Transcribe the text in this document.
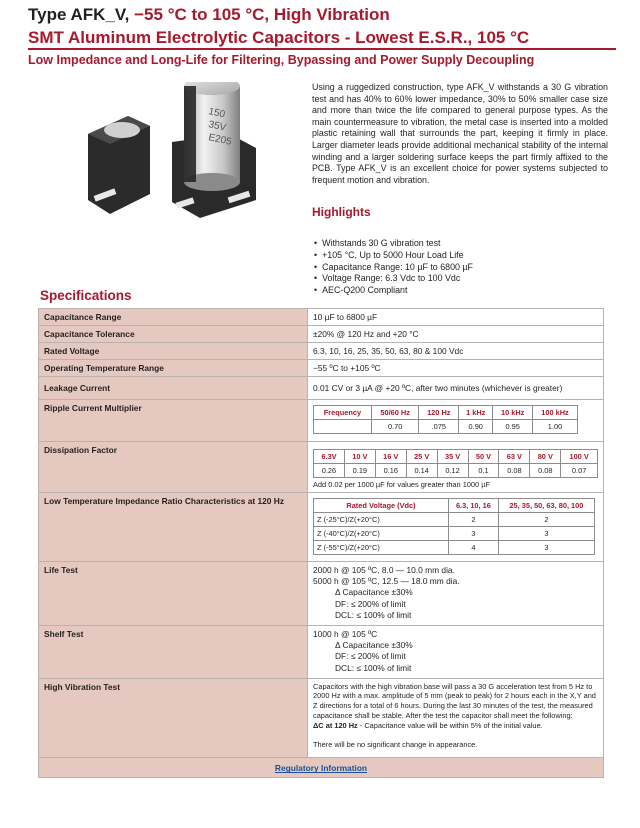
Type AFK_V, −55 °C to 105 °C, High Vibration
SMT Aluminum Electrolytic Capacitors - Lowest E.S.R., 105 °C
Low Impedance and Long-Life for Filtering, Bypassing and Power Supply Decoupling
150
35V
E205

Using a ruggedized construction, type AFK_V withstands a 30 G vibration test and has 40% to 60% lower impedance, 30% to 50% smaller case size and more than twice the life compared to general purpose types. As the main countermeasure to vibration, the metal case is inserted into a molded plastic retaining wall that surrounds the part, keeping it firmly in place. Larger diameter leads provide additional mechanical stability of the internal winding and a larger soldering surface keeps the part firmly affixed to the PCB. Type AFK_V is an excellent choice for power systems subjected to frequent motion and vibration.

Highlights
• Withstands 30 G vibration test
• +105 °C, Up to 5000 Hour Load Life
• Capacitance Range: 10 µF to 6800 µF
• Voltage Range: 6.3 Vdc to 100 Vdc
• AEC-Q200 Compliant
Specifications
Capacitance Range	10 µF to 6800 µF
Capacitance Tolerance	±20% @ 120 Hz and +20 °C
Rated Voltage	6.3, 10, 16, 25, 35, 50, 63, 80 & 100 Vdc
Operating Temperature Range	−55 ºC to +105 ºC
Leakage Current	0.01 CV or 3 µA @ +20 ºC, after two minutes (whichever is greater)
Ripple Current Multiplier		Frequency	50/60 Hz	120 Hz	1 kHz	10 kHz	100 kHz
	0.70	.075	0.90	0.95	1.00

Dissipation Factor	
6.3V	10 V	16 V	25 V	35 V	50 V	63 V	80 V	100 V
0.26	0.19	0.16	0.14	0.12	0.1	0.08	0.08	0.07
Add 0.02 per 1000 µF for values greater than 1000 µF

Low Temperature Impedance Ratio Characteristics at 120 Hz		Rated Voltage (Vdc)	6.3, 10, 16	25, 35, 50, 63, 80, 100
Z (-25°C)/Z(+20°C)	2	2
Z (-40°C)/Z(+20°C)	3	3
Z (-55°C)/Z(+20°C)	4	3

Life Test	2000 h @ 105 ºC, 8.0 — 10.0 mm dia.
5000 h @ 105 ºC, 12.5 — 18.0 mm dia.
Δ Capacitance ±30%
DF: ≤ 200% of limit
DCL: ≤ 100% of limit

Shelf Test	1000 h @ 105 ºC
Δ Capacitance ±30%
DF: ≤ 200% of limit
DCL: ≤ 100% of limit

High Vibration Test	Capacitors with the high vibration base will pass a 30 G acceleration test from 5 Hz to 2000 Hz with a max. amplitude of 5 mm (peak to peak) for 2 hours each in the X,Y and Z directions for a total of 6 hours. During the last 30 minutes of the test, the measured capacitance shall be stable. After the test the capacitor shall meet the following:
ΔC at 120 Hz - Capacitance value will be within 5% of the initial value.
There will be no significant change in appearance.

Regulatory Information
